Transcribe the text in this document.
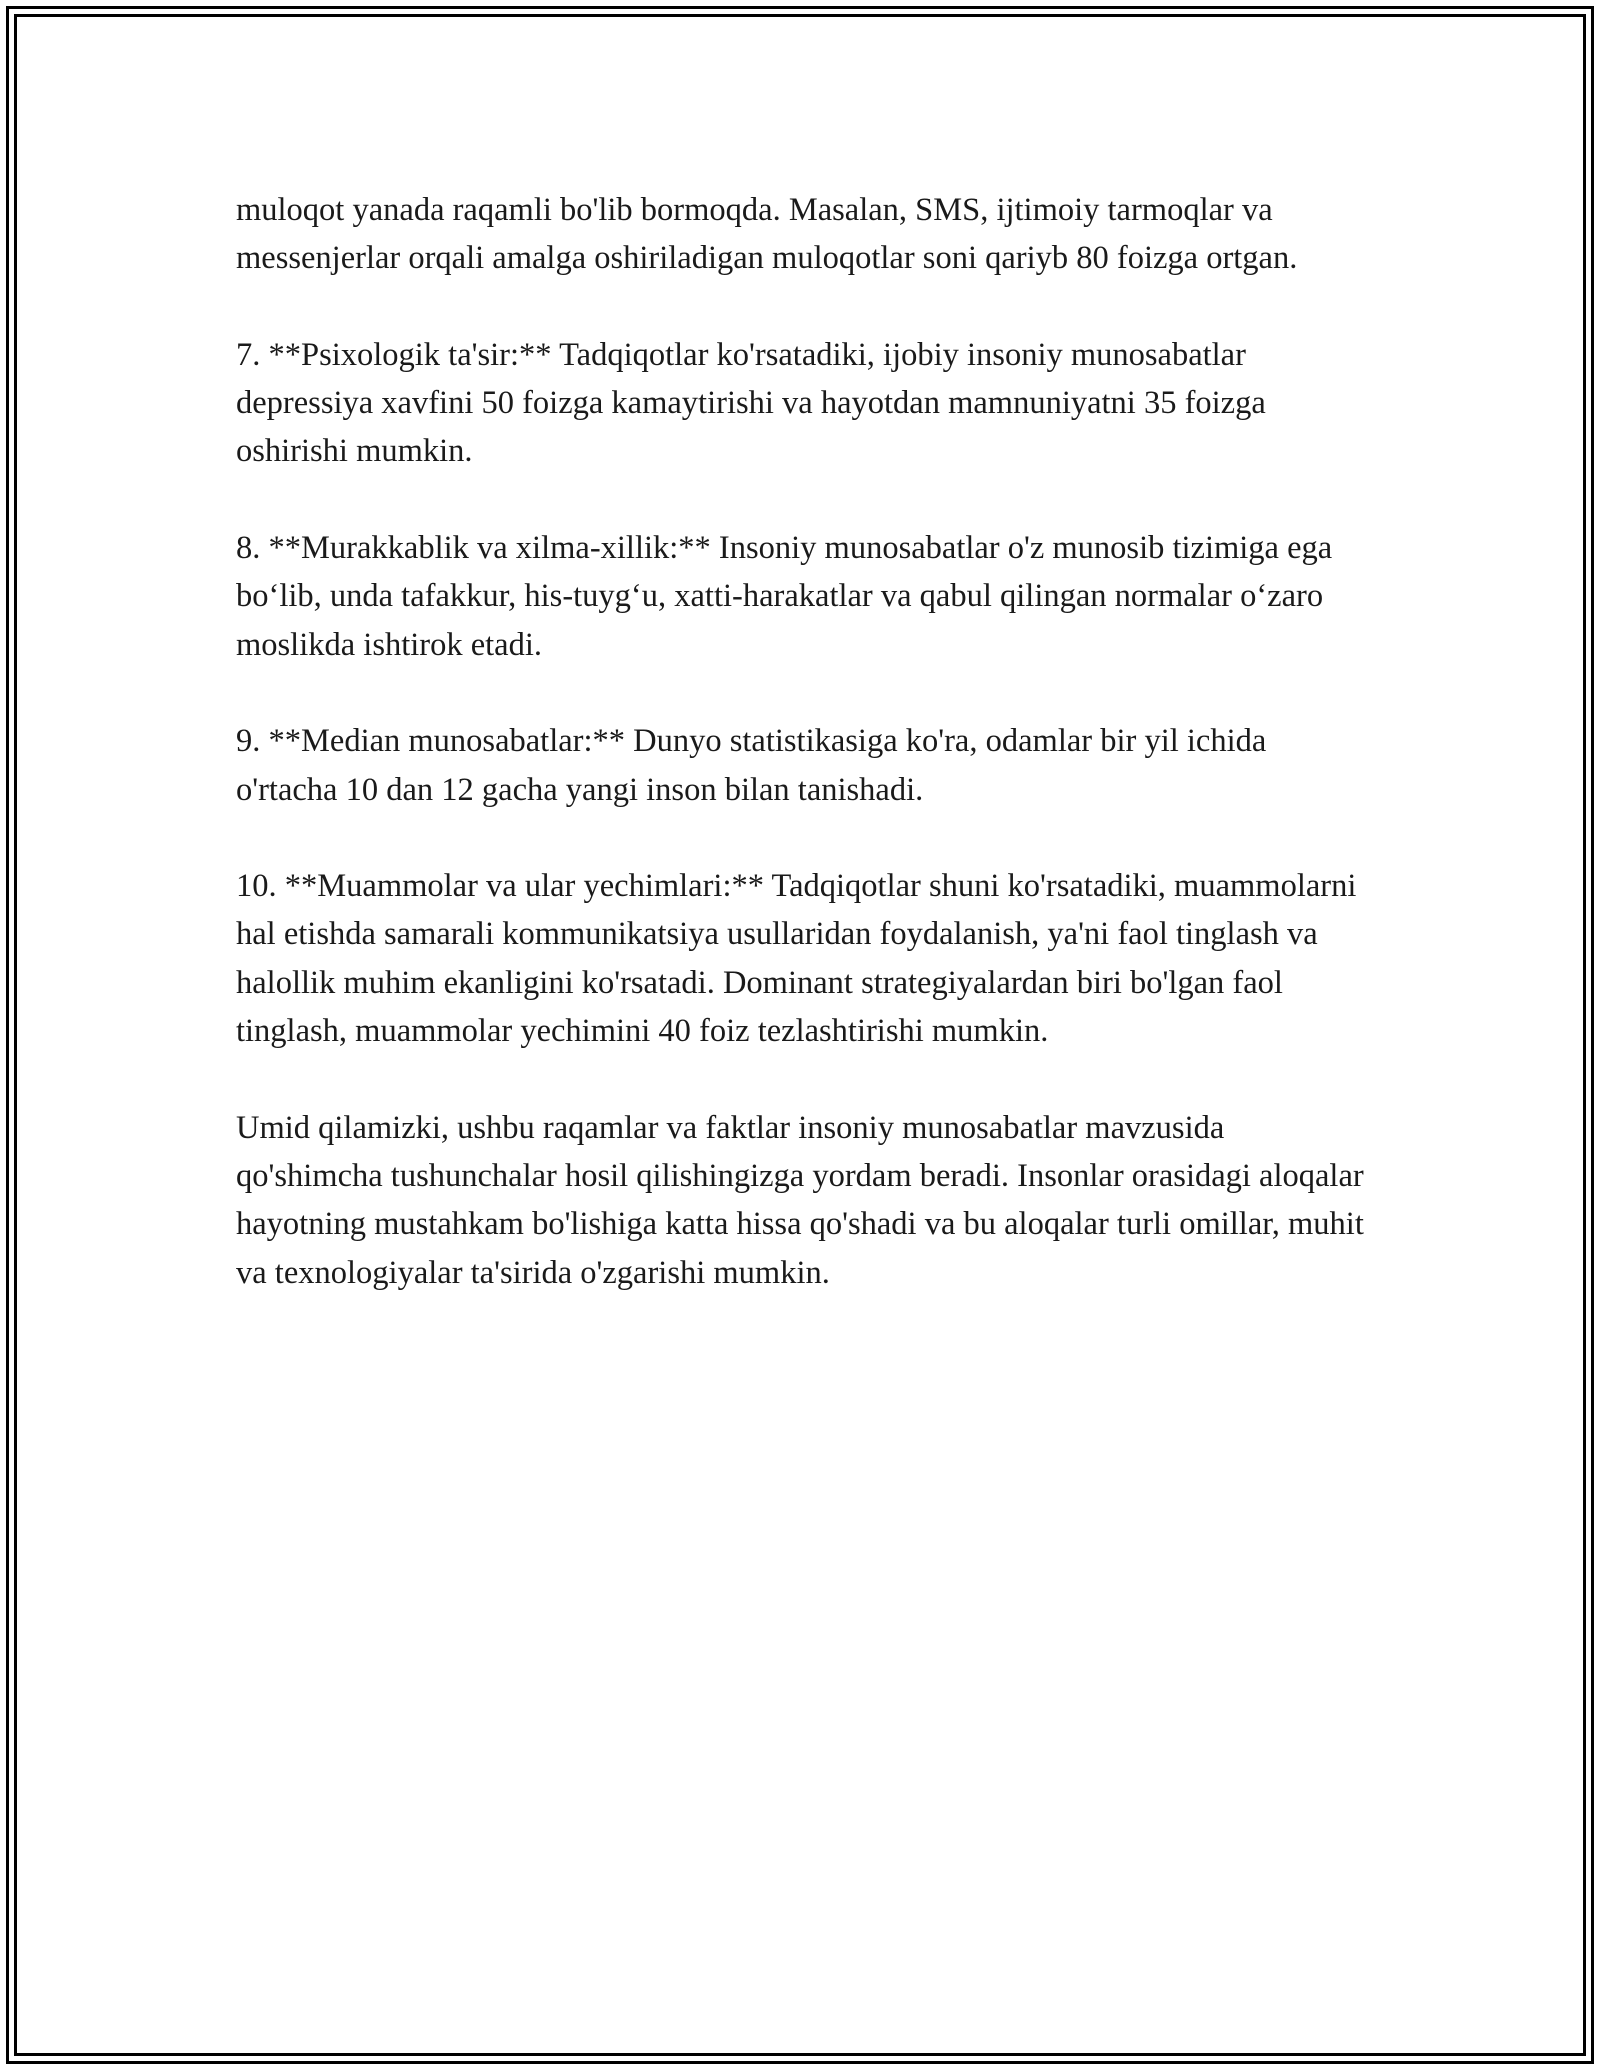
muloqot yanada raqamli bo'lib bormoqda. Masalan, SMS, ijtimoiy tarmoqlar va messenjerlar orqali amalga oshiriladigan muloqotlar soni qariyb 80 foizga ortgan.

7. **Psixologik ta'sir:** Tadqiqotlar ko'rsatadiki, ijobiy insoniy munosabatlar depressiya xavfini 50 foizga kamaytirishi va hayotdan mamnuniyatni 35 foizga oshirishi mumkin.

8. **Murakkablik va xilma-xillik:** Insoniy munosabatlar o'z munosib tizimiga ega bo‘lib, unda tafakkur, his-tuyg‘u, xatti-harakatlar va qabul qilingan normalar o‘zaro moslikda ishtirok etadi.

9. **Median munosabatlar:** Dunyo statistikasiga ko'ra, odamlar bir yil ichida o'rtacha 10 dan 12 gacha yangi inson bilan tanishadi.

10. **Muammolar va ular yechimlari:** Tadqiqotlar shuni ko'rsatadiki, muammolarni hal etishda samarali kommunikatsiya usullaridan foydalanish, ya'ni faol tinglash va halollik muhim ekanligini ko'rsatadi. Dominant strategiyalardan biri bo'lgan faol tinglash, muammolar yechimini 40 foiz tezlashtirishi mumkin.

Umid qilamizki, ushbu raqamlar va faktlar insoniy munosabatlar mavzusida qo'shimcha tushunchalar hosil qilishingizga yordam beradi. Insonlar orasidagi aloqalar hayotning mustahkam bo'lishiga katta hissa qo'shadi va bu aloqalar turli omillar, muhit va texnologiyalar ta'sirida o'zgarishi mumkin.
